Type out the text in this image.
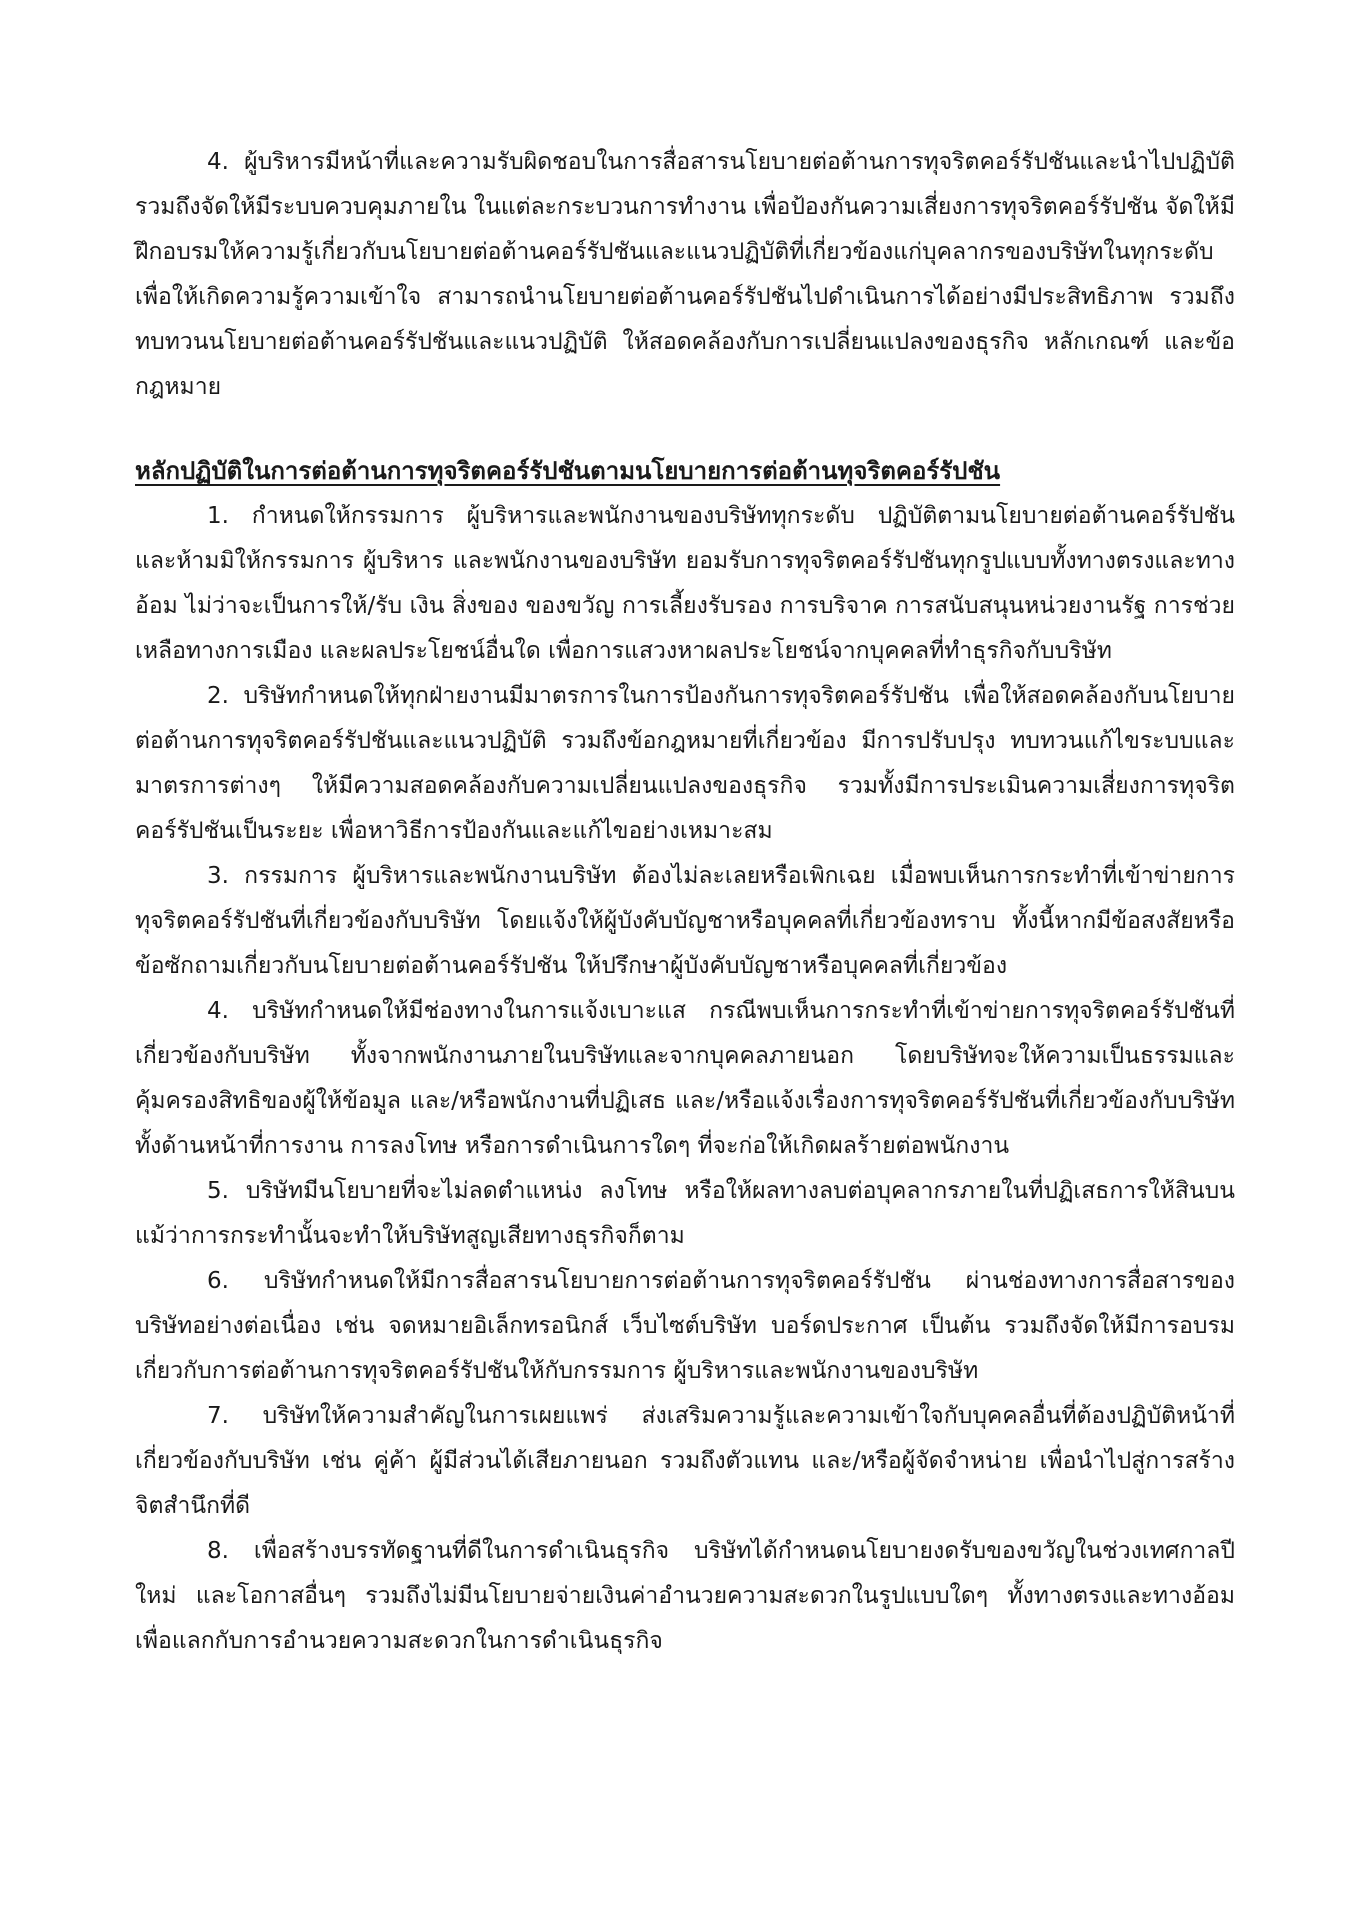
4. ผู้บริหารมีหน้าที่และความรับผิดชอบในการสื่อสารนโยบายต่อต้านการทุจริตคอร์รัปชันและนำไปปฏิบัติ รวมถึงจัดให้มีระบบควบคุมภายใน ในแต่ละกระบวนการทำงาน เพื่อป้องกันความเสี่ยงการทุจริตคอร์รัปชัน จัดให้มีฝึกอบรมให้ความรู้เกี่ยวกับนโยบายต่อต้านคอร์รัปชันและแนวปฏิบัติที่เกี่ยวข้องแก่บุคลากรของบริษัทในทุกระดับ เพื่อให้เกิดความรู้ความเข้าใจ สามารถนำนโยบายต่อต้านคอร์รัปชันไปดำเนินการได้อย่างมีประสิทธิภาพ รวมถึงทบทวนนโยบายต่อต้านคอร์รัปชันและแนวปฏิบัติ ให้สอดคล้องกับการเปลี่ยนแปลงของธุรกิจ หลักเกณฑ์ และข้อกฎหมาย

หลักปฏิบัติในการต่อต้านการทุจริตคอร์รัปชันตามนโยบายการต่อต้านทุจริตคอร์รัปชัน

1. กำหนดให้กรรมการ ผู้บริหารและพนักงานของบริษัททุกระดับ ปฏิบัติตามนโยบายต่อต้านคอร์รัปชัน และห้ามมิให้กรรมการ ผู้บริหาร และพนักงานของบริษัท ยอมรับการทุจริตคอร์รัปชันทุกรูปแบบทั้งทางตรงและทางอ้อม ไม่ว่าจะเป็นการให้/รับ เงิน สิ่งของ ของขวัญ การเลี้ยงรับรอง การบริจาค การสนับสนุนหน่วยงานรัฐ การช่วยเหลือทางการเมือง และผลประโยชน์อื่นใด เพื่อการแสวงหาผลประโยชน์จากบุคคลที่ทำธุรกิจกับบริษัท

2. บริษัทกำหนดให้ทุกฝ่ายงานมีมาตรการในการป้องกันการทุจริตคอร์รัปชัน เพื่อให้สอดคล้องกับนโยบายต่อต้านการทุจริตคอร์รัปชันและแนวปฏิบัติ รวมถึงข้อกฎหมายที่เกี่ยวข้อง มีการปรับปรุง ทบทวนแก้ไขระบบและมาตรการต่างๆ ให้มีความสอดคล้องกับความเปลี่ยนแปลงของธุรกิจ รวมทั้งมีการประเมินความเสี่ยงการทุจริตคอร์รัปชันเป็นระยะ เพื่อหาวิธีการป้องกันและแก้ไขอย่างเหมาะสม

3. กรรมการ ผู้บริหารและพนักงานบริษัท ต้องไม่ละเลยหรือเพิกเฉย เมื่อพบเห็นการกระทำที่เข้าข่ายการทุจริตคอร์รัปชันที่เกี่ยวข้องกับบริษัท โดยแจ้งให้ผู้บังคับบัญชาหรือบุคคลที่เกี่ยวข้องทราบ ทั้งนี้หากมีข้อสงสัยหรือข้อซักถามเกี่ยวกับนโยบายต่อต้านคอร์รัปชัน ให้ปรึกษาผู้บังคับบัญชาหรือบุคคลที่เกี่ยวข้อง

4. บริษัทกำหนดให้มีช่องทางในการแจ้งเบาะแส กรณีพบเห็นการกระทำที่เข้าข่ายการทุจริตคอร์รัปชันที่เกี่ยวข้องกับบริษัท ทั้งจากพนักงานภายในบริษัทและจากบุคคลภายนอก โดยบริษัทจะให้ความเป็นธรรมและคุ้มครองสิทธิของผู้ให้ข้อมูล และ/หรือพนักงานที่ปฏิเสธ และ/หรือแจ้งเรื่องการทุจริตคอร์รัปชันที่เกี่ยวข้องกับบริษัท ทั้งด้านหน้าที่การงาน การลงโทษ หรือการดำเนินการใดๆ ที่จะก่อให้เกิดผลร้ายต่อพนักงาน

5. บริษัทมีนโยบายที่จะไม่ลดตำแหน่ง ลงโทษ หรือให้ผลทางลบต่อบุคลากรภายในที่ปฏิเสธการให้สินบน แม้ว่าการกระทำนั้นจะทำให้บริษัทสูญเสียทางธุรกิจก็ตาม

6. บริษัทกำหนดให้มีการสื่อสารนโยบายการต่อต้านการทุจริตคอร์รัปชัน ผ่านช่องทางการสื่อสารของบริษัทอย่างต่อเนื่อง เช่น จดหมายอิเล็กทรอนิกส์ เว็บไซต์บริษัท บอร์ดประกาศ เป็นต้น รวมถึงจัดให้มีการอบรมเกี่ยวกับการต่อต้านการทุจริตคอร์รัปชันให้กับกรรมการ ผู้บริหารและพนักงานของบริษัท

7. บริษัทให้ความสำคัญในการเผยแพร่ ส่งเสริมความรู้และความเข้าใจกับบุคคลอื่นที่ต้องปฏิบัติหน้าที่เกี่ยวข้องกับบริษัท เช่น คู่ค้า ผู้มีส่วนได้เสียภายนอก รวมถึงตัวแทน และ/หรือผู้จัดจำหน่าย เพื่อนำไปสู่การสร้างจิตสำนึกที่ดี

8. เพื่อสร้างบรรทัดฐานที่ดีในการดำเนินธุรกิจ บริษัทได้กำหนดนโยบายงดรับของขวัญในช่วงเทศกาลปีใหม่ และโอกาสอื่นๆ รวมถึงไม่มีนโยบายจ่ายเงินค่าอำนวยความสะดวกในรูปแบบใดๆ ทั้งทางตรงและทางอ้อม เพื่อแลกกับการอำนวยความสะดวกในการดำเนินธุรกิจ
